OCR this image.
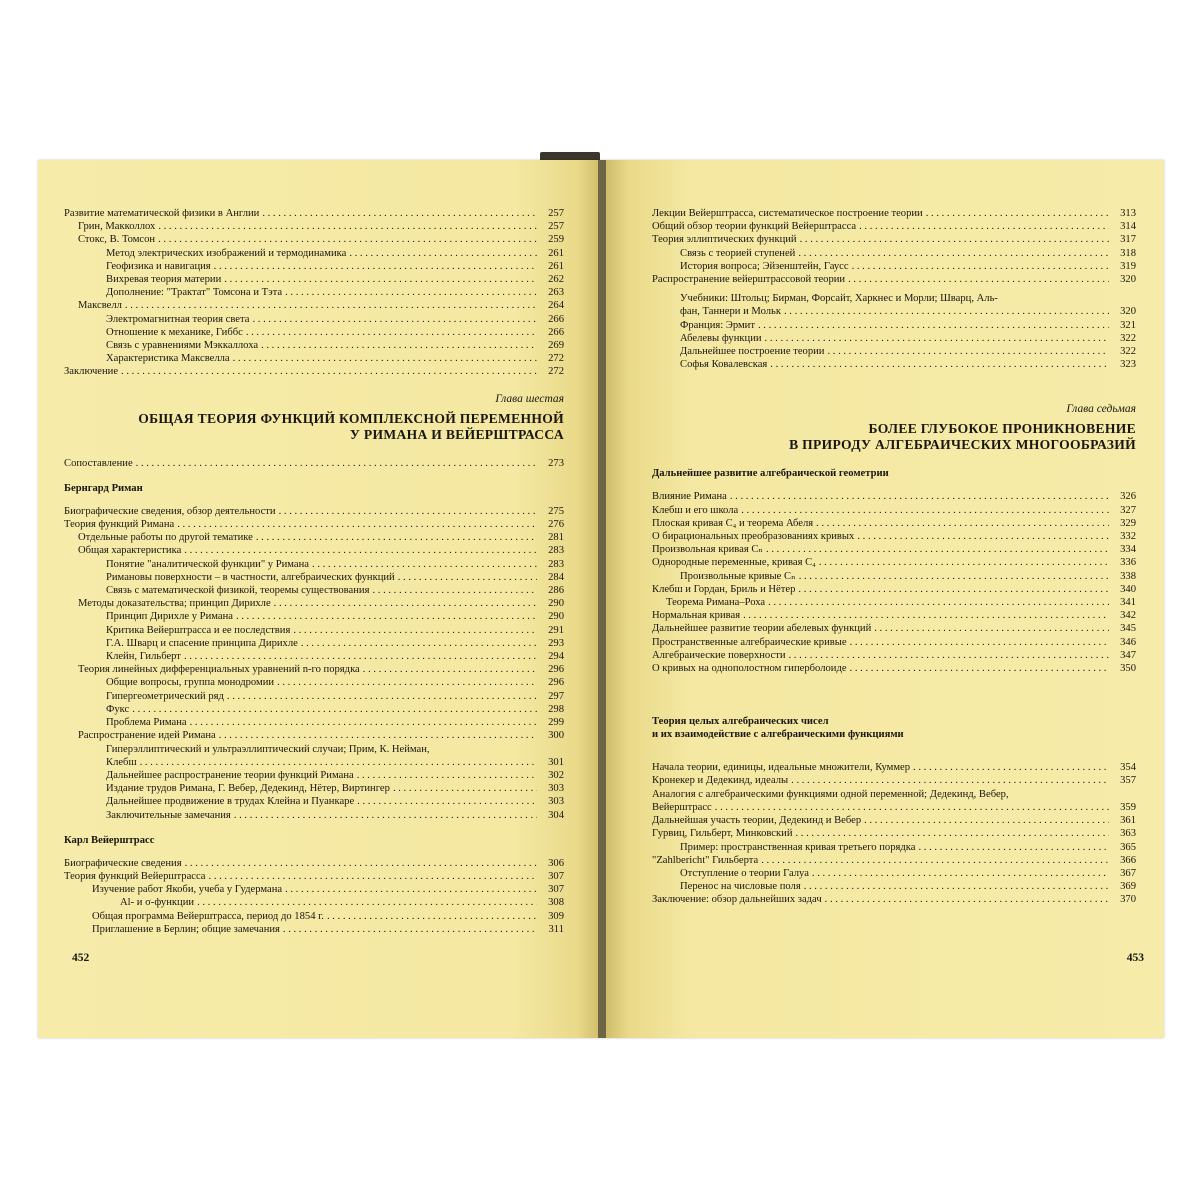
Развитие математической физики в Англии . . .	257
Грин, Макколлох . . .	257
Стокс, В. Томсон . . .	259
Метод электрических изображений и термодинамика . . .	261
Геофизика и навигация . . .	261
Вихревая теория материи . . .	262
Дополнение: "Трактат" Томсона и Тэта . . .	263
Максвелл . . .	264
Электромагнитная теория света . . .	266
Отношение к механике, Гиббс . . .	266
Связь с уравнениями Мэккаллоха . . .	269
Характеристика Максвелла . . .	272
Заключение . . .	272
Глава шестая
ОБЩАЯ ТЕОРИЯ ФУНКЦИЙ КОМПЛЕКСНОЙ ПЕРЕМЕННОЙ
У РИМАНА И ВЕЙЕРШТРАССА
Сопоставление . . .	273
Бернгард Риман
Биографические сведения, обзор деятельности . . .	275
Теория функций Римана . . .	276
Отдельные работы по другой тематике . . .	281
Общая характеристика . . .	283
Понятие "аналитической функции" у Римана . . .	283
Римановы поверхности – в частности, алгебраических функций . . .	284
Связь с математической физикой, теоремы существования . . .	286
Методы доказательства; принцип Дирихле . . .	290
Принцип Дирихле у Римана . . .	290
Критика Вейерштрасса и ее последствия . . .	291
Г.А. Шварц и спасение принципа Дирихле . . .	293
Клейн, Гильберт . . .	294
Теория линейных дифференциальных уравнений n-го порядка . . .	296
Общие вопросы, группа монодромии . . .	296
Гипергеометрический ряд . . .	297
Фукс . . .	298
Проблема Римана . . .	299
Распространение идей Римана . . .	300
Гиперэллиптический и ультраэллиптический случаи; Прим, К. Нейман,
Клебш . . .	301
Дальнейшее распространение теории функций Римана . . .	302
Издание трудов Римана, Г. Вебер, Дедекинд, Нётер, Виртингер . . .	303
Дальнейшее продвижение в трудах Клейна и Пуанкаре . . .	303
Заключительные замечания . . .	304
Карл Вейерштрасс
Биографические сведения . . .	306
Теория функций Вейерштрасса . . .	307
Изучение работ Якоби, учеба у Гудермана . . .	307
Al- и σ-функции . . .	308
Общая программа Вейерштрасса, период до 1854 г. . . .	309
Приглашение в Берлин; общие замечания . . .	311
452
Лекции Вейерштрасса, систематическое построение теории . . .	313
Общий обзор теории функций Вейерштрасса . . .	314
Теория эллиптических функций . . .	317
Связь с теорией ступеней . . .	318
История вопроса; Эйзенштейн, Гаусс . . .	319
Распространение вейерштрассовой теории . . .	320
Учебники: Штольц; Бирман, Форсайт, Харкнес и Морли; Шварц, Аль-
фан, Таннери и Мольк . . .	320
Франция: Эрмит . . .	321
Абелевы функции . . .	322
Дальнейшее построение теории . . .	322
Софья Ковалевская . . .	323
Глава седьмая
БОЛЕЕ ГЛУБОКОЕ ПРОНИКНОВЕНИЕ
В ПРИРОДУ АЛГЕБРАИЧЕСКИХ МНОГООБРАЗИЙ
Дальнейшее развитие алгебраической геометрии
Влияние Римана . . .	326
Клебш и его школа . . .	327
Плоская кривая C₄ и теорема Абеля . . .	329
О бирациональных преобразованиях кривых . . .	332
Произвольная кривая Cₙ . . .	334
Однородные переменные, кривая C₄ . . .	336
Произвольные кривые Cₙ . . .	338
Клебш и Гордан, Бриль и Нётер . . .	340
Теорема Римана–Роха . . .	341
Нормальная кривая . . .	342
Дальнейшее развитие теории абелевых функций . . .	345
Пространственные алгебраические кривые . . .	346
Алгебраические поверхности . . .	347
О кривых на однополостном гиперболоиде . . .	350
Теория целых алгебраических чисел
и их взаимодействие с алгебраическими функциями
Начала теории, единицы, идеальные множители, Куммер . . .	354
Кронекер и Дедекинд, идеалы . . .	357
Аналогия с алгебраическими функциями одной переменной; Дедекинд, Вебер,
Вейерштрасс . . .	359
Дальнейшая участь теории, Дедекинд и Вебер . . .	361
Гурвиц, Гильберт, Минковский . . .	363
Пример: пространственная кривая третьего порядка . . .	365
"Zahlbericht" Гильберта . . .	366
Отступление о теории Галуа . . .	367
Перенос на числовые поля . . .	369
Заключение: обзор дальнейших задач . . .	370
453
